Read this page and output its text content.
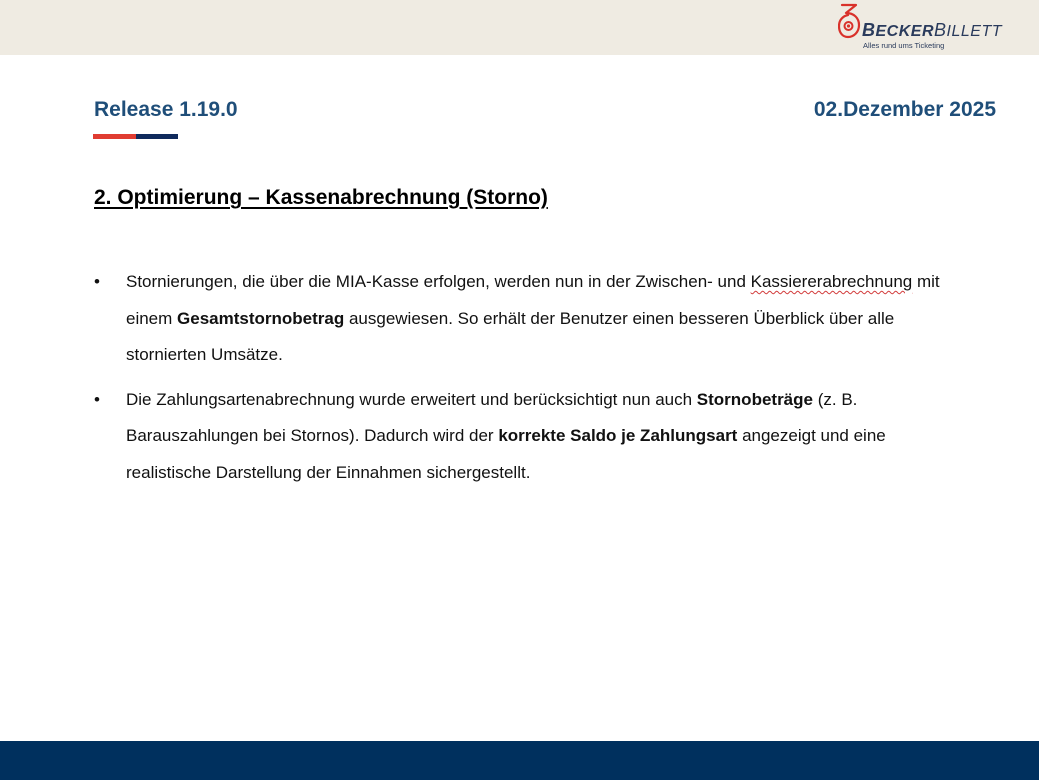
BECKERBILLETT
Alles rund ums Ticketing
Release 1.19.0	02.Dezember 2025
2. Optimierung – Kassenabrechnung (Storno)
• Stornierungen, die über die MIA-Kasse erfolgen, werden nun in der Zwischen- und Kassiererabrechnung mit einem Gesamtstornobetrag ausgewiesen. So erhält der Benutzer einen besseren Überblick über alle stornierten Umsätze.
• Die Zahlungsartenabrechnung wurde erweitert und berücksichtigt nun auch Stornobeträge (z. B. Barauszahlungen bei Stornos). Dadurch wird der korrekte Saldo je Zahlungsart angezeigt und eine realistische Darstellung der Einnahmen sichergestellt.
